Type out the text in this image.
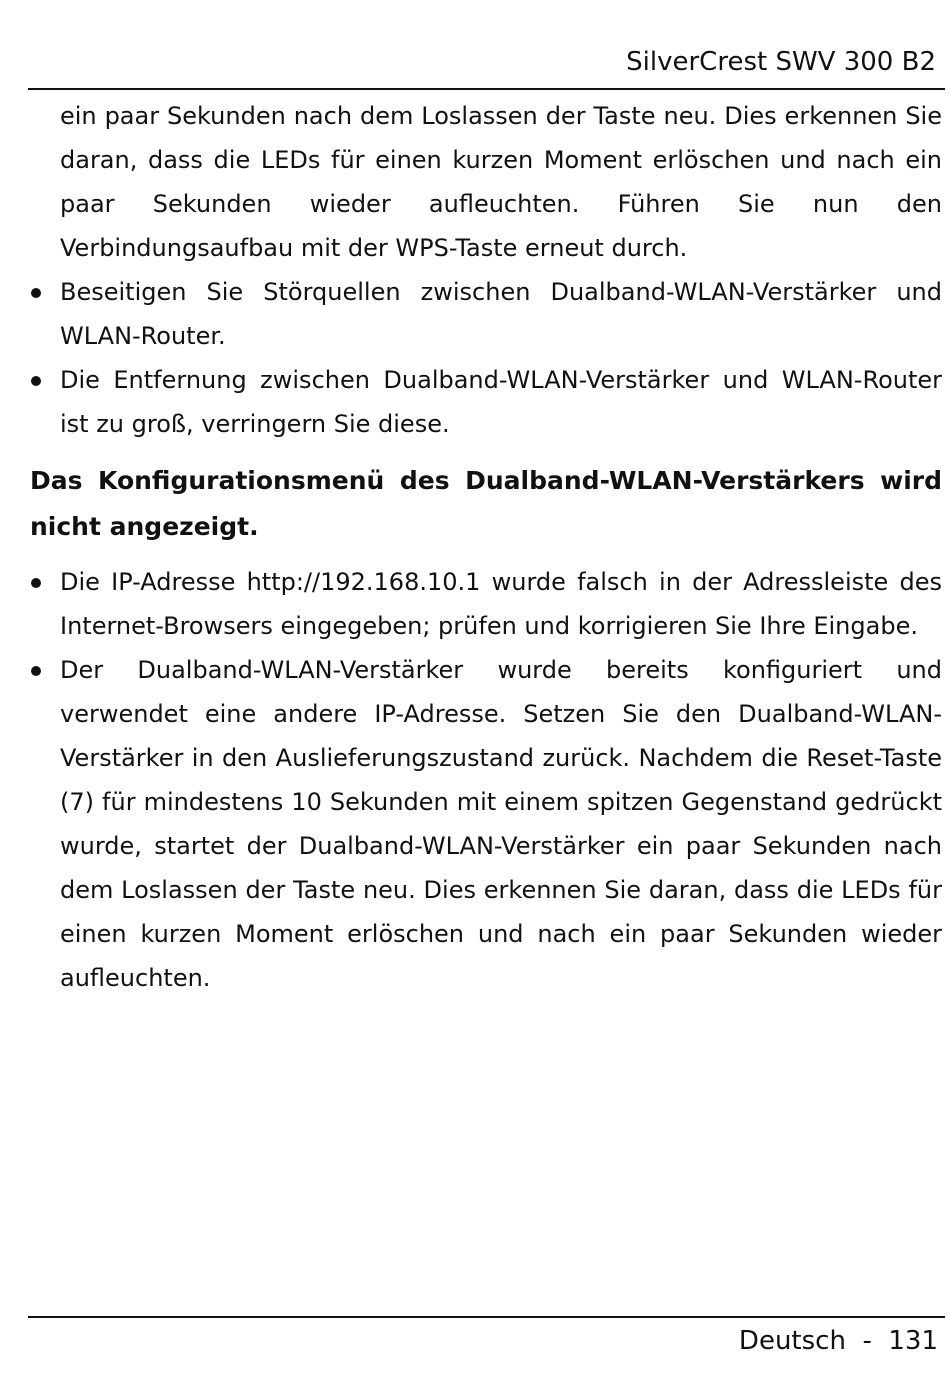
SilverCrest SWV 300 B2

ein paar Sekunden nach dem Loslassen der Taste neu. Dies erkennen Sie daran, dass die LEDs für einen kurzen Moment erlöschen und nach ein paar Sekunden wieder aufleuchten. Führen Sie nun den Verbindungsaufbau mit der WPS-Taste erneut durch.

Beseitigen Sie Störquellen zwischen Dualband-WLAN-Verstärker und WLAN-Router.
Die Entfernung zwischen Dualband-WLAN-Verstärker und WLAN-Router ist zu groß, verringern Sie diese.
Das Konfigurationsmenü des Dualband-WLAN-Verstärkers wird nicht angezeigt.
Die IP-Adresse http://192.168.10.1 wurde falsch in der Adressleiste des Internet-Browsers eingegeben; prüfen und korrigieren Sie Ihre Eingabe.
Der Dualband-WLAN-Verstärker wurde bereits konfiguriert und verwendet eine andere IP-Adresse. Setzen Sie den Dualband-WLAN-Verstärker in den Auslieferungszustand zurück. Nachdem die Reset-Taste (7) für mindestens 10 Sekunden mit einem spitzen Gegenstand gedrückt wurde, startet der Dualband-WLAN-Verstärker ein paar Sekunden nach dem Loslassen der Taste neu. Dies erkennen Sie daran, dass die LEDs für einen kurzen Moment erlöschen und nach ein paar Sekunden wieder aufleuchten.
Deutsch  -  131
